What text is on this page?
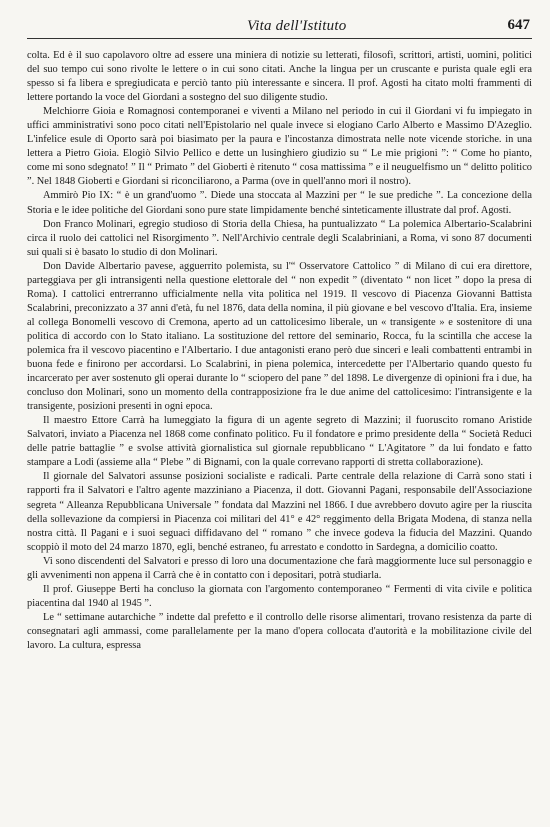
Vita dell'Istituto	647

colta. Ed è il suo capolavoro oltre ad essere una miniera di notizie su letterati, filosofi, scrittori, artisti, uomini, politici del suo tempo cui sono rivolte le lettere o in cui sono citati. Anche la lingua per un cruscante e purista quale egli era spesso si fa libera e spregiudicata e perciò tanto più interessante e sincera. Il prof. Agosti ha citato molti frammenti di lettere portando la voce del Giordani a sostegno del suo diligente studio.

Melchiorre Gioia e Romagnosi contemporanei e viventi a Milano nel periodo in cui il Giordani vi fu impiegato in uffici amministrativi sono poco citati nell'Epistolario nel quale invece si elogiano Carlo Alberto e Massimo D'Azeglio. L'infelice esule di Oporto sarà poi biasimato per la paura e l'incostanza dimostrata nelle note vicende storiche. in una lettera a Pietro Gioia. Elogiò Silvio Pellico e dette un lusinghiero giudizio su “ Le mie prigioni ”: “ Come ho pianto, come mi sono sdegnato! ” Il “ Primato ” del Gioberti è ritenuto “ cosa mattissima ” e il neuguelfismo un “ delitto politico ”. Nel 1848 Gioberti e Giordani si riconciliarono, a Parma (ove in quell'anno morì il nostro).

Ammirò Pio IX: “ è un grand'uomo ”. Diede una stoccata al Mazzini per “ le sue prediche ”. La concezione della Storia e le idee politiche del Giordani sono pure state limpidamente benché sinteticamente illustrate dal prof. Agosti.

Don Franco Molinari, egregio studioso di Storia della Chiesa, ha puntualizzato “ La polemica Albertario-Scalabrini circa il ruolo dei cattolici nel Risorgimento ”. Nell'Archivio centrale degli Scalabriniani, a Roma, vi sono 87 documenti sui quali si è basato lo studio di don Molinari.

Don Davide Albertario pavese, agguerrito polemista, su l'“ Osservatore Cattolico ” di Milano di cui era direttore, parteggiava per gli intransigenti nella questione elettorale del “ non expedit ” (diventato “ non licet ” dopo la presa di Roma). I cattolici entrerranno ufficialmente nella vita politica nel 1919. Il vescovo di Piacenza Giovanni Battista Scalabrini, preconizzato a 37 anni d'età, fu nel 1876, data della nomina, il più giovane e bel vescovo d'Italia. Era, insieme al collega Bonomelli vescovo di Cremona, aperto ad un cattolicesimo liberale, un « transigente » e sostenitore di una politica di accordo con lo Stato italiano. La sostituzione del rettore del seminario, Rocca, fu la scintilla che accese la polemica fra il vescovo piacentino e l'Albertario. I due antagonisti erano però due sinceri e leali combattenti entrambi in buona fede e finirono per accordarsi. Lo Scalabrini, in piena polemica, intercedette per l'Albertario quando questo fu incarcerato per aver sostenuto gli operai durante lo “ sciopero del pane ” del 1898. Le divergenze di opinioni fra i due, ha concluso don Molinari, sono un momento della contrapposizione fra le due anime del cattolicesimo: l'intransigente e la transigente, posizioni presenti in ogni epoca.

Il maestro Ettore Carrà ha lumeggiato la figura di un agente segreto di Mazzini; il fuoruscito romano Aristide Salvatori, inviato a Piacenza nel 1868 come confinato politico. Fu il fondatore e primo presidente della “ Società Reduci delle patrie battaglie ” e svolse attività giornalistica sul giornale repubblicano “ L'Agitatore ” da lui fondato e fatto stampare a Lodi (assieme alla “ Plebe ” di Bignami, con la quale correvano rapporti di stretta collaborazione).

Il giornale del Salvatori assunse posizioni socialiste e radicali. Parte centrale della relazione di Carrà sono stati i rapporti fra il Salvatori e l'altro agente mazziniano a Piacenza, il dott. Giovanni Pagani, responsabile dell'Associazione segreta “ Alleanza Repubblicana Universale ” fondata dal Mazzini nel 1866. I due avrebbero dovuto agire per la riuscita della sollevazione da compiersi in Piacenza coi militari del 41° e 42° reggimento della Brigata Modena, di stanza nella nostra città. Il Pagani e i suoi seguaci diffidavano del “ romano ” che invece godeva la fiducia del Mazzini. Quando scoppiò il moto del 24 marzo 1870, egli, benché estraneo, fu arrestato e condotto in Sardegna, a domicilio coatto.

Vi sono discendenti del Salvatori e presso di loro una documentazione che farà maggiormente luce sul personaggio e gli avvenimenti non appena il Carrà che è in contatto con i depositari, potrà studiarla.

Il prof. Giuseppe Berti ha concluso la giornata con l'argomento contemporaneo “ Fermenti di vita civile e politica piacentina dal 1940 al 1945 ”.

Le “ settimane autarchiche ” indette dal prefetto e il controllo delle risorse alimentari, trovano resistenza da parte di consegnatari agli ammassi, come parallelamente per la mano d'opera collocata d'autorità e la mobilitazione civile del lavoro. La cultura, espressa
